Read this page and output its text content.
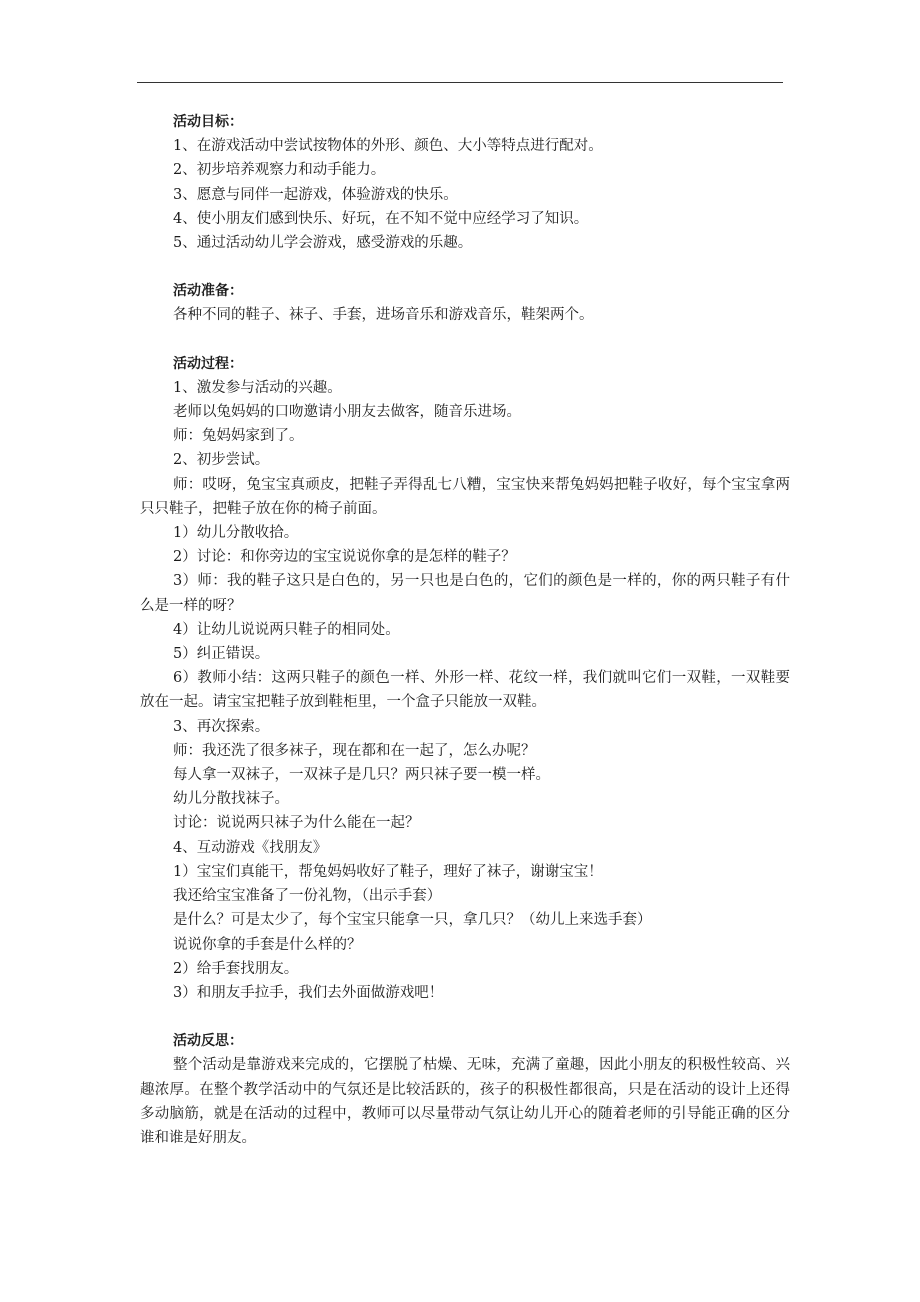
活动目标：

1、在游戏活动中尝试按物体的外形、颜色、大小等特点进行配对。

2、初步培养观察力和动手能力。

3、愿意与同伴一起游戏，体验游戏的快乐。

4、使小朋友们感到快乐、好玩，在不知不觉中应经学习了知识。

5、通过活动幼儿学会游戏，感受游戏的乐趣。

活动准备：

各种不同的鞋子、袜子、手套，进场音乐和游戏音乐，鞋架两个。

活动过程：

1、激发参与活动的兴趣。

老师以兔妈妈的口吻邀请小朋友去做客，随音乐进场。

师：兔妈妈家到了。

2、初步尝试。

师：哎呀，兔宝宝真顽皮，把鞋子弄得乱七八糟，宝宝快来帮兔妈妈把鞋子收好，每个宝宝拿两只只鞋子，把鞋子放在你的椅子前面。

1）幼儿分散收拾。

2）讨论：和你旁边的宝宝说说你拿的是怎样的鞋子？

3）师：我的鞋子这只是白色的，另一只也是白色的，它们的颜色是一样的，你的两只鞋子有什么是一样的呀？

4）让幼儿说说两只鞋子的相同处。

5）纠正错误。

6）教师小结：这两只鞋子的颜色一样、外形一样、花纹一样，我们就叫它们一双鞋，一双鞋要放在一起。请宝宝把鞋子放到鞋柜里，一个盒子只能放一双鞋。

3、再次探索。

师：我还洗了很多袜子，现在都和在一起了，怎么办呢？

每人拿一双袜子，一双袜子是几只？两只袜子要一模一样。

幼儿分散找袜子。

讨论：说说两只袜子为什么能在一起？

4、互动游戏《找朋友》

1）宝宝们真能干，帮兔妈妈收好了鞋子，理好了袜子，谢谢宝宝！

我还给宝宝准备了一份礼物，（出示手套）

是什么？可是太少了，每个宝宝只能拿一只，拿几只？（幼儿上来选手套）

说说你拿的手套是什么样的？

2）给手套找朋友。

3）和朋友手拉手，我们去外面做游戏吧！

活动反思：

整个活动是靠游戏来完成的，它摆脱了枯燥、无味，充满了童趣，因此小朋友的积极性较高、兴趣浓厚。在整个教学活动中的气氛还是比较活跃的，孩子的积极性都很高，只是在活动的设计上还得多动脑筋，就是在活动的过程中，教师可以尽量带动气氛让幼儿开心的随着老师的引导能正确的区分谁和谁是好朋友。
